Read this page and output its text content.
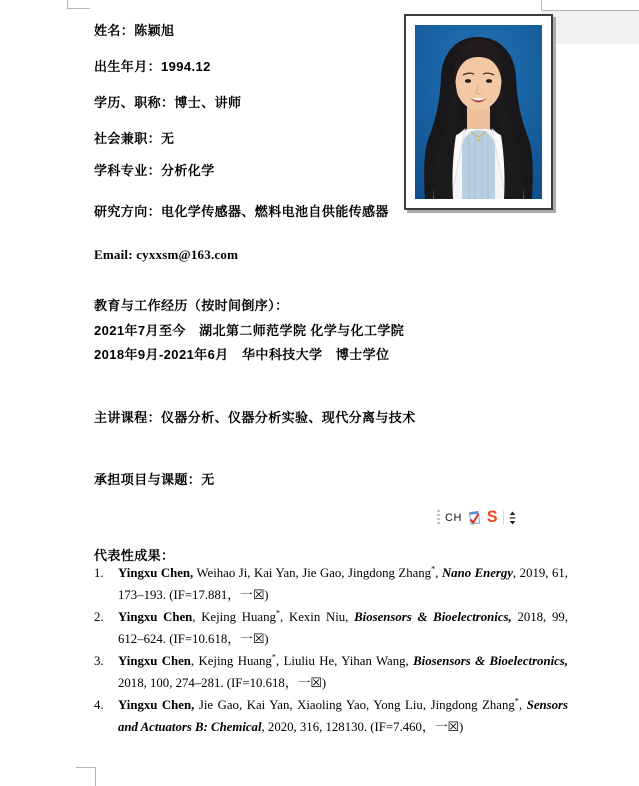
姓名：陈颖旭
出生年月：1994.12
学历、职称：博士、讲师
社会兼职：无
学科专业：分析化学
研究方向：电化学传感器、燃料电池自供能传感器
Email: cyxxsm@163.com
教育与工作经历（按时间倒序）：
2021年7月至今　湖北第二师范学院 化学与化工学院
2018年9月-2021年6月　华中科技大学　博士学位
主讲课程：仪器分析、仪器分析实验、现代分离与技术
承担项目与课题：无
代表性成果：
CH S
1. Yingxu Chen, Weihao Ji, Kai Yan, Jie Gao, Jingdong Zhang*, Nano Energy, 2019, 61, 173–193. (IF=17.881，一☒)
2. Yingxu Chen, Kejing Huang*, Kexin Niu, Biosensors & Bioelectronics, 2018, 99, 612–624. (IF=10.618，一☒)
3. Yingxu Chen, Kejing Huang*, Liuliu He, Yihan Wang, Biosensors & Bioelectronics, 2018, 100, 274–281. (IF=10.618，一☒)
4. Yingxu Chen, Jie Gao, Kai Yan, Xiaoling Yao, Yong Liu, Jingdong Zhang*, Sensors and Actuators B: Chemical, 2020, 316, 128130. (IF=7.460，一☒)
